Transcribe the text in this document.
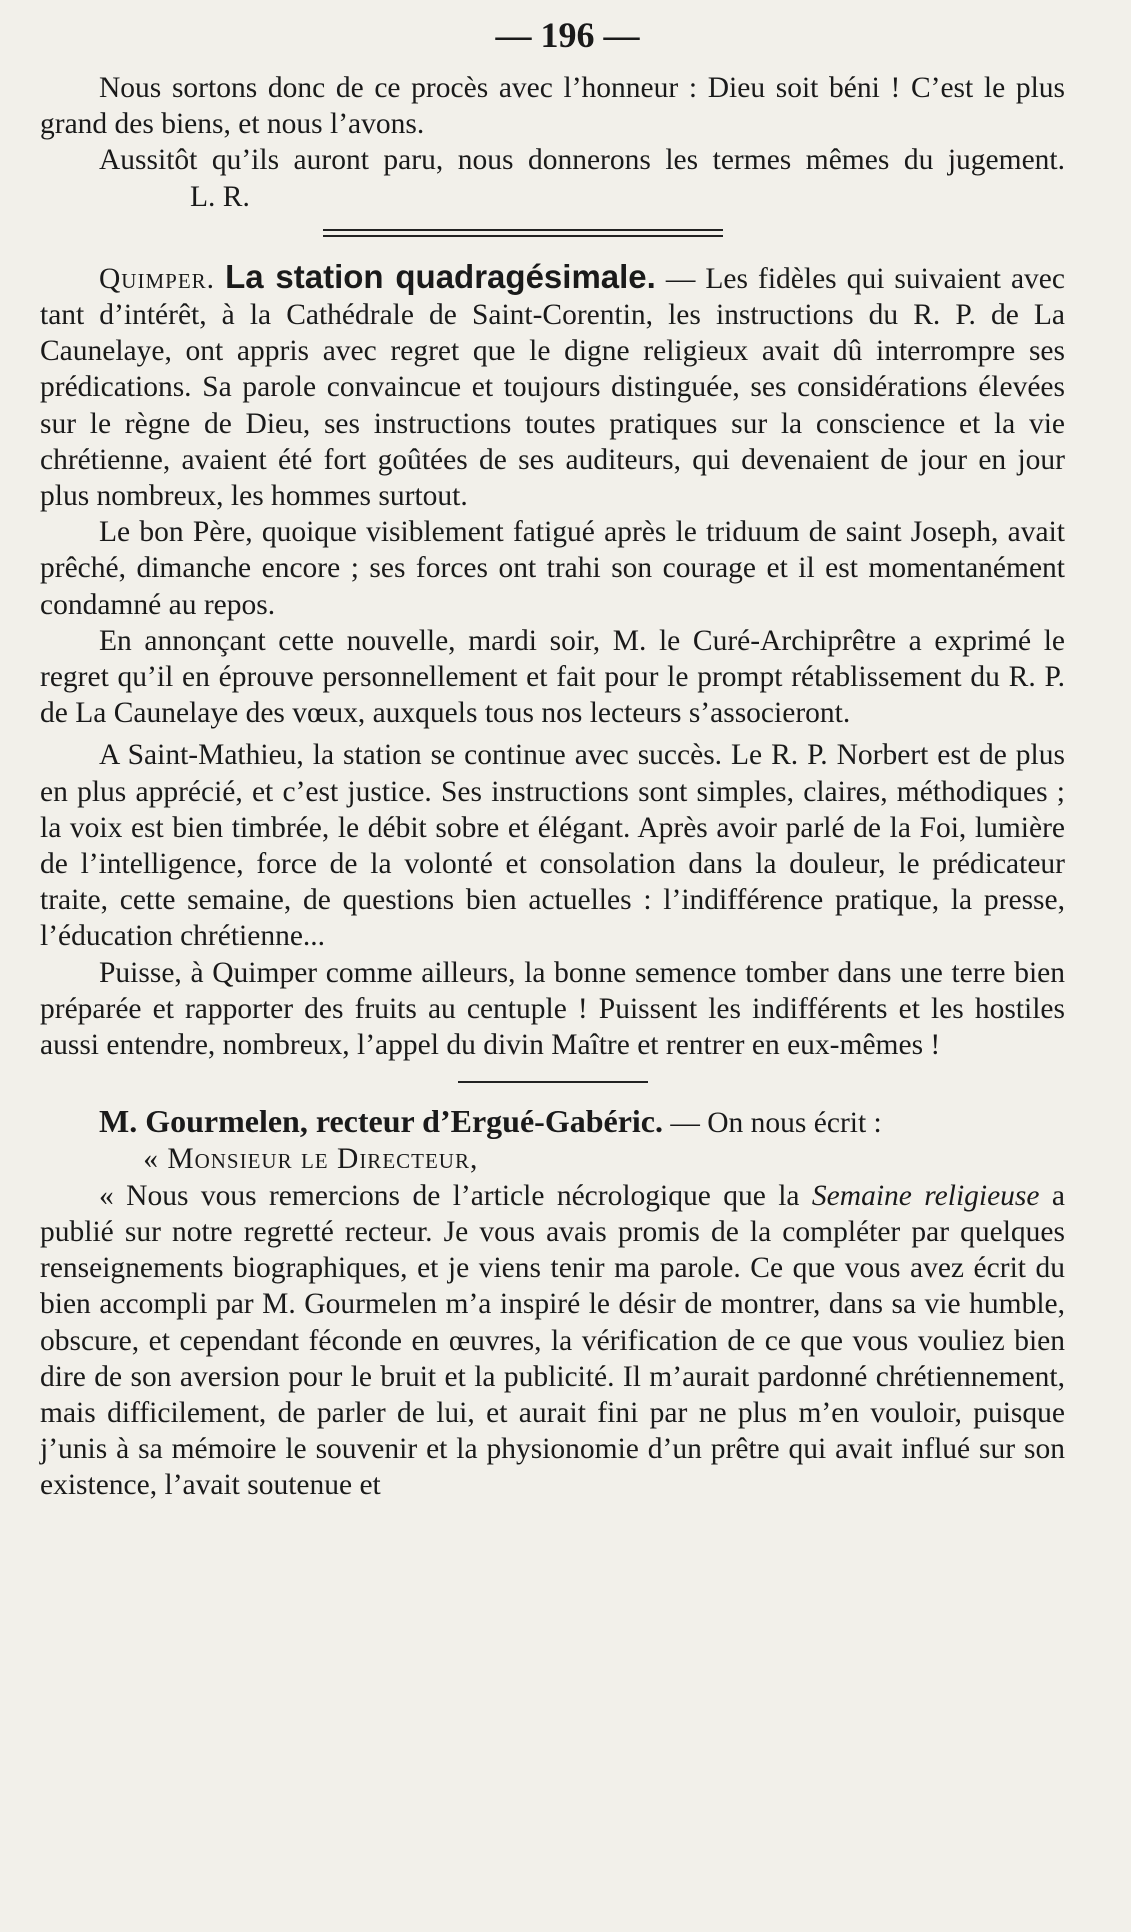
— 196 —

Nous sortons donc de ce procès avec l’honneur : Dieu soit béni ! C’est le plus grand des biens, et nous l’avons.

Aussitôt qu’ils auront paru, nous donnerons les termes mêmes du jugement.L. R.

Quimper. La station quadragésimale. — Les fidèles qui suivaient avec tant d’intérêt, à la Cathédrale de Saint-Corentin, les instructions du R. P. de La Caunelaye, ont appris avec regret que le digne religieux avait dû interrompre ses prédications. Sa parole convaincue et toujours distinguée, ses considérations élevées sur le règne de Dieu, ses instructions toutes pratiques sur la conscience et la vie chrétienne, avaient été fort goûtées de ses auditeurs, qui devenaient de jour en jour plus nombreux, les hommes surtout.

Le bon Père, quoique visiblement fatigué après le triduum de saint Joseph, avait prêché, dimanche encore ; ses forces ont trahi son courage et il est momentanément condamné au repos.

En annonçant cette nouvelle, mardi soir, M. le Curé-Archiprêtre a exprimé le regret qu’il en éprouve personnellement et fait pour le prompt rétablissement du R. P. de La Caunelaye des vœux, auxquels tous nos lecteurs s’associeront.

A Saint-Mathieu, la station se continue avec succès. Le R. P. Norbert est de plus en plus apprécié, et c’est justice. Ses instructions sont simples, claires, méthodiques ; la voix est bien timbrée, le débit sobre et élégant. Après avoir parlé de la Foi, lumière de l’intelligence, force de la volonté et consolation dans la douleur, le prédicateur traite, cette semaine, de questions bien actuelles : l’indifférence pratique, la presse, l’éducation chrétienne...

Puisse, à Quimper comme ailleurs, la bonne semence tomber dans une terre bien préparée et rapporter des fruits au centuple ! Puissent les indifférents et les hostiles aussi entendre, nombreux, l’appel du divin Maître et rentrer en eux-mêmes !

M. Gourmelen, recteur d’Ergué-Gabéric. — On nous écrit :

« Monsieur le Directeur,

« Nous vous remercions de l’article nécrologique que la Semaine religieuse a publié sur notre regretté recteur. Je vous avais promis de la compléter par quelques renseignements biographiques, et je viens tenir ma parole. Ce que vous avez écrit du bien accompli par M. Gourmelen m’a inspiré le désir de montrer, dans sa vie humble, obscure, et cependant féconde en œuvres, la vérification de ce que vous vouliez bien dire de son aversion pour le bruit et la publicité. Il m’aurait pardonné chrétiennement, mais difficilement, de parler de lui, et aurait fini par ne plus m’en vouloir, puisque j’unis à sa mémoire le souvenir et la physionomie d’un prêtre qui avait influé sur son existence, l’avait soutenue et
